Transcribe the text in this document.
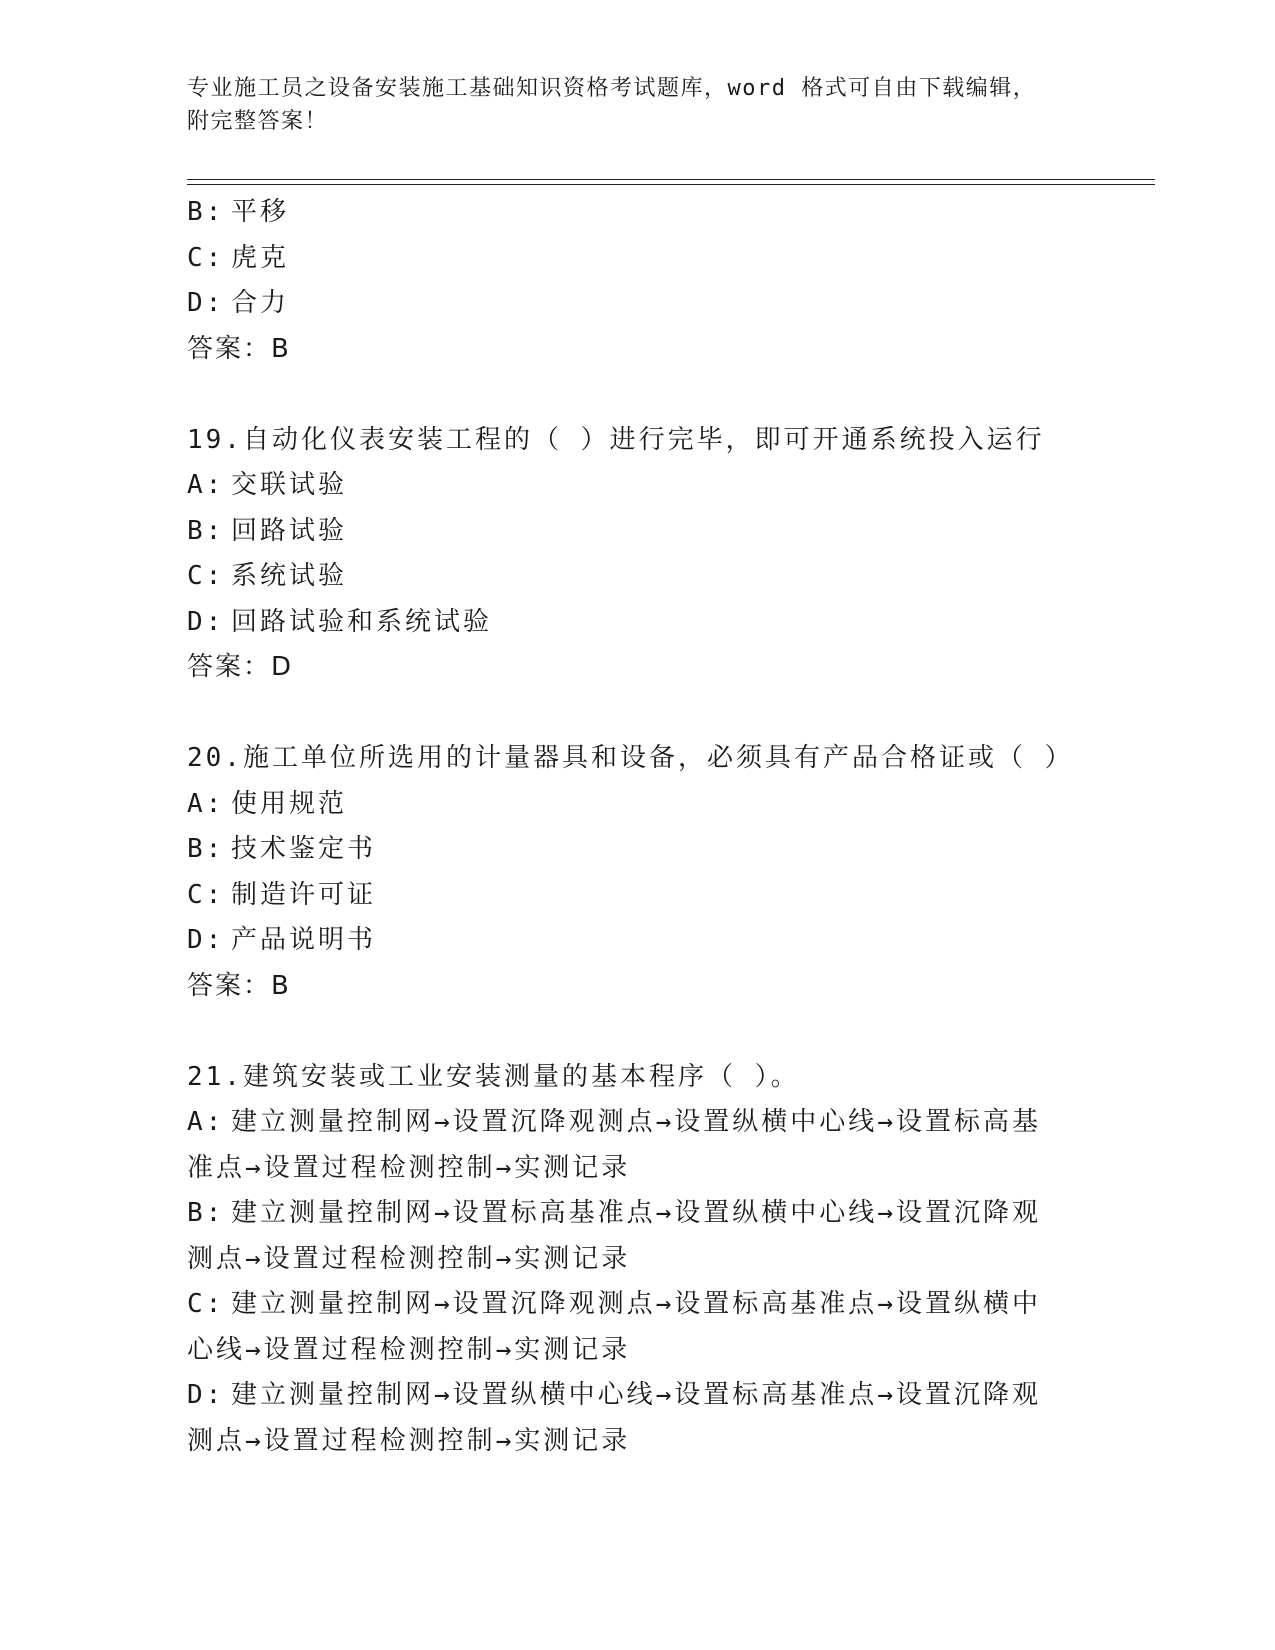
专业施工员之设备安装施工基础知识资格考试题库，word 格式可自由下载编辑，
附完整答案！
B: 平移
C: 虎克
D: 合力
答案：B
19.自动化仪表安装工程的（ ）进行完毕，即可开通系统投入运行
A: 交联试验
B: 回路试验
C: 系统试验
D: 回路试验和系统试验
答案：D
20.施工单位所选用的计量器具和设备，必须具有产品合格证或（ ）
A: 使用规范
B: 技术鉴定书
C: 制造许可证
D: 产品说明书
答案：B
21.建筑安装或工业安装测量的基本程序（ ）。
A: 建立测量控制网→设置沉降观测点→设置纵横中心线→设置标高基
准点→设置过程检测控制→实测记录
B: 建立测量控制网→设置标高基准点→设置纵横中心线→设置沉降观
测点→设置过程检测控制→实测记录
C: 建立测量控制网→设置沉降观测点→设置标高基准点→设置纵横中
心线→设置过程检测控制→实测记录
D: 建立测量控制网→设置纵横中心线→设置标高基准点→设置沉降观
测点→设置过程检测控制→实测记录
